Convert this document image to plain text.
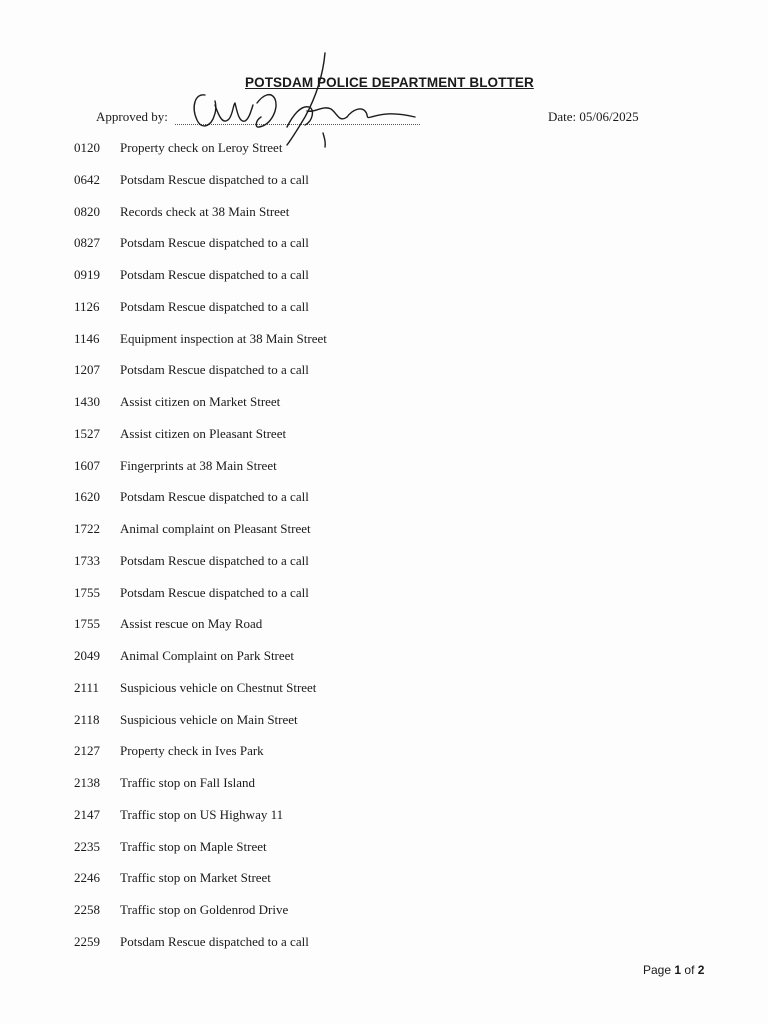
POTSDAM POLICE DEPARTMENT BLOTTER
Approved by:	Date: 05/06/2025
0120 Property check on Leroy Street
0642 Potsdam Rescue dispatched to a call
0820 Records check at 38 Main Street
0827 Potsdam Rescue dispatched to a call
0919 Potsdam Rescue dispatched to a call
1126 Potsdam Rescue dispatched to a call
1146 Equipment inspection at 38 Main Street
1207 Potsdam Rescue dispatched to a call
1430 Assist citizen on Market Street
1527 Assist citizen on Pleasant Street
1607 Fingerprints at 38 Main Street
1620 Potsdam Rescue dispatched to a call
1722 Animal complaint on Pleasant Street
1733 Potsdam Rescue dispatched to a call
1755 Potsdam Rescue dispatched to a call
1755 Assist rescue on May Road
2049 Animal Complaint on Park Street
2111 Suspicious vehicle on Chestnut Street
2118 Suspicious vehicle on Main Street
2127 Property check in Ives Park
2138 Traffic stop on Fall Island
2147 Traffic stop on US Highway 11
2235 Traffic stop on Maple Street
2246 Traffic stop on Market Street
2258 Traffic stop on Goldenrod Drive
2259 Potsdam Rescue dispatched to a call
Page 1 of 2
